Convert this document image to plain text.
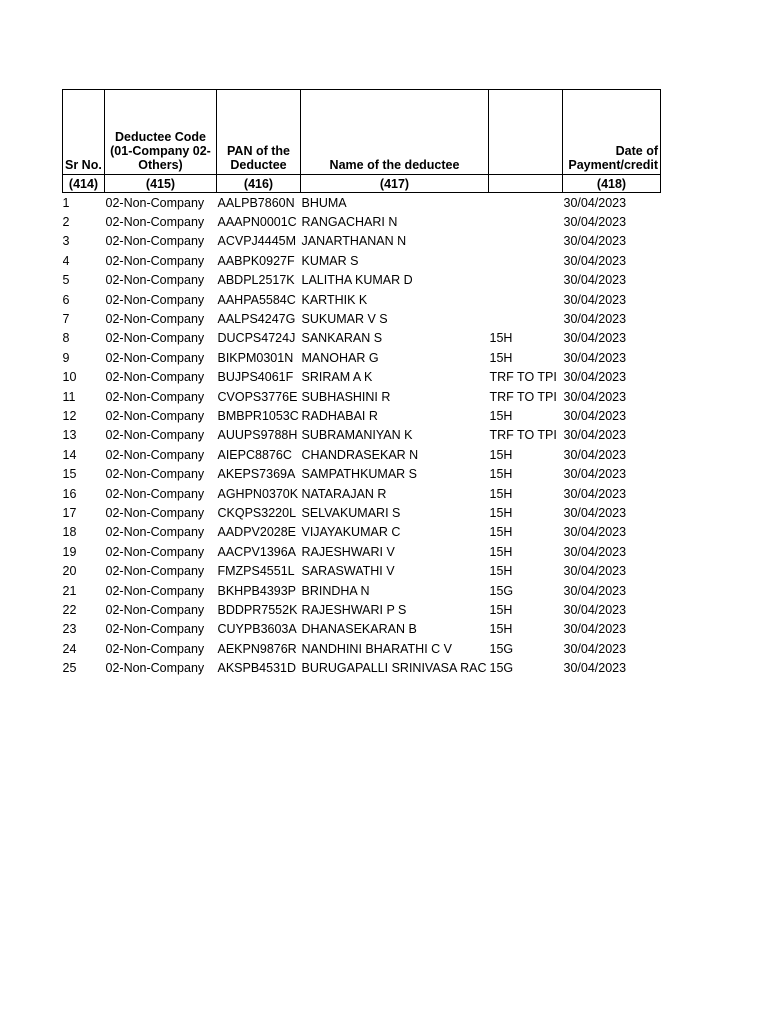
Sr No.	Deductee Code (01-Company 02-Others)	PAN of the Deductee	Name of the deductee		Date of Payment/credit
(414)	(415)	(416)	(417)		(418)
1	02-Non-Company	AALPB7860N	BHUMA		30/04/2023
2	02-Non-Company	AAAPN0001C	RANGACHARI N		30/04/2023
3	02-Non-Company	ACVPJ4445M	JANARTHANAN N		30/04/2023
4	02-Non-Company	AABPK0927F	KUMAR S		30/04/2023
5	02-Non-Company	ABDPL2517K	LALITHA KUMAR D		30/04/2023
6	02-Non-Company	AAHPA5584C	KARTHIK K		30/04/2023
7	02-Non-Company	AALPS4247G	SUKUMAR V S		30/04/2023
8	02-Non-Company	DUCPS4724J	SANKARAN S	15H	30/04/2023
9	02-Non-Company	BIKPM0301N	MANOHAR G	15H	30/04/2023
10	02-Non-Company	BUJPS4061F	SRIRAM A K	TRF TO TPI	30/04/2023
11	02-Non-Company	CVOPS3776E	SUBHASHINI R	TRF TO TPI	30/04/2023
12	02-Non-Company	BMBPR1053C	RADHABAI R	15H	30/04/2023
13	02-Non-Company	AUUPS9788H	SUBRAMANIYAN K	TRF TO TPI	30/04/2023
14	02-Non-Company	AIEPC8876C	CHANDRASEKAR N	15H	30/04/2023
15	02-Non-Company	AKEPS7369A	SAMPATHKUMAR S	15H	30/04/2023
16	02-Non-Company	AGHPN0370K	NATARAJAN R	15H	30/04/2023
17	02-Non-Company	CKQPS3220L	SELVAKUMARI S	15H	30/04/2023
18	02-Non-Company	AADPV2028E	VIJAYAKUMAR C	15H	30/04/2023
19	02-Non-Company	AACPV1396A	RAJESHWARI V	15H	30/04/2023
20	02-Non-Company	FMZPS4551L	SARASWATHI V	15H	30/04/2023
21	02-Non-Company	BKHPB4393P	BRINDHA N	15G	30/04/2023
22	02-Non-Company	BDDPR7552K	RAJESHWARI P S	15H	30/04/2023
23	02-Non-Company	CUYPB3603A	DHANASEKARAN B	15H	30/04/2023
24	02-Non-Company	AEKPN9876R	NANDHINI BHARATHI C V	15G	30/04/2023
25	02-Non-Company	AKSPB4531D	BURUGAPALLI SRINIVASA RAC	15G	30/04/2023
